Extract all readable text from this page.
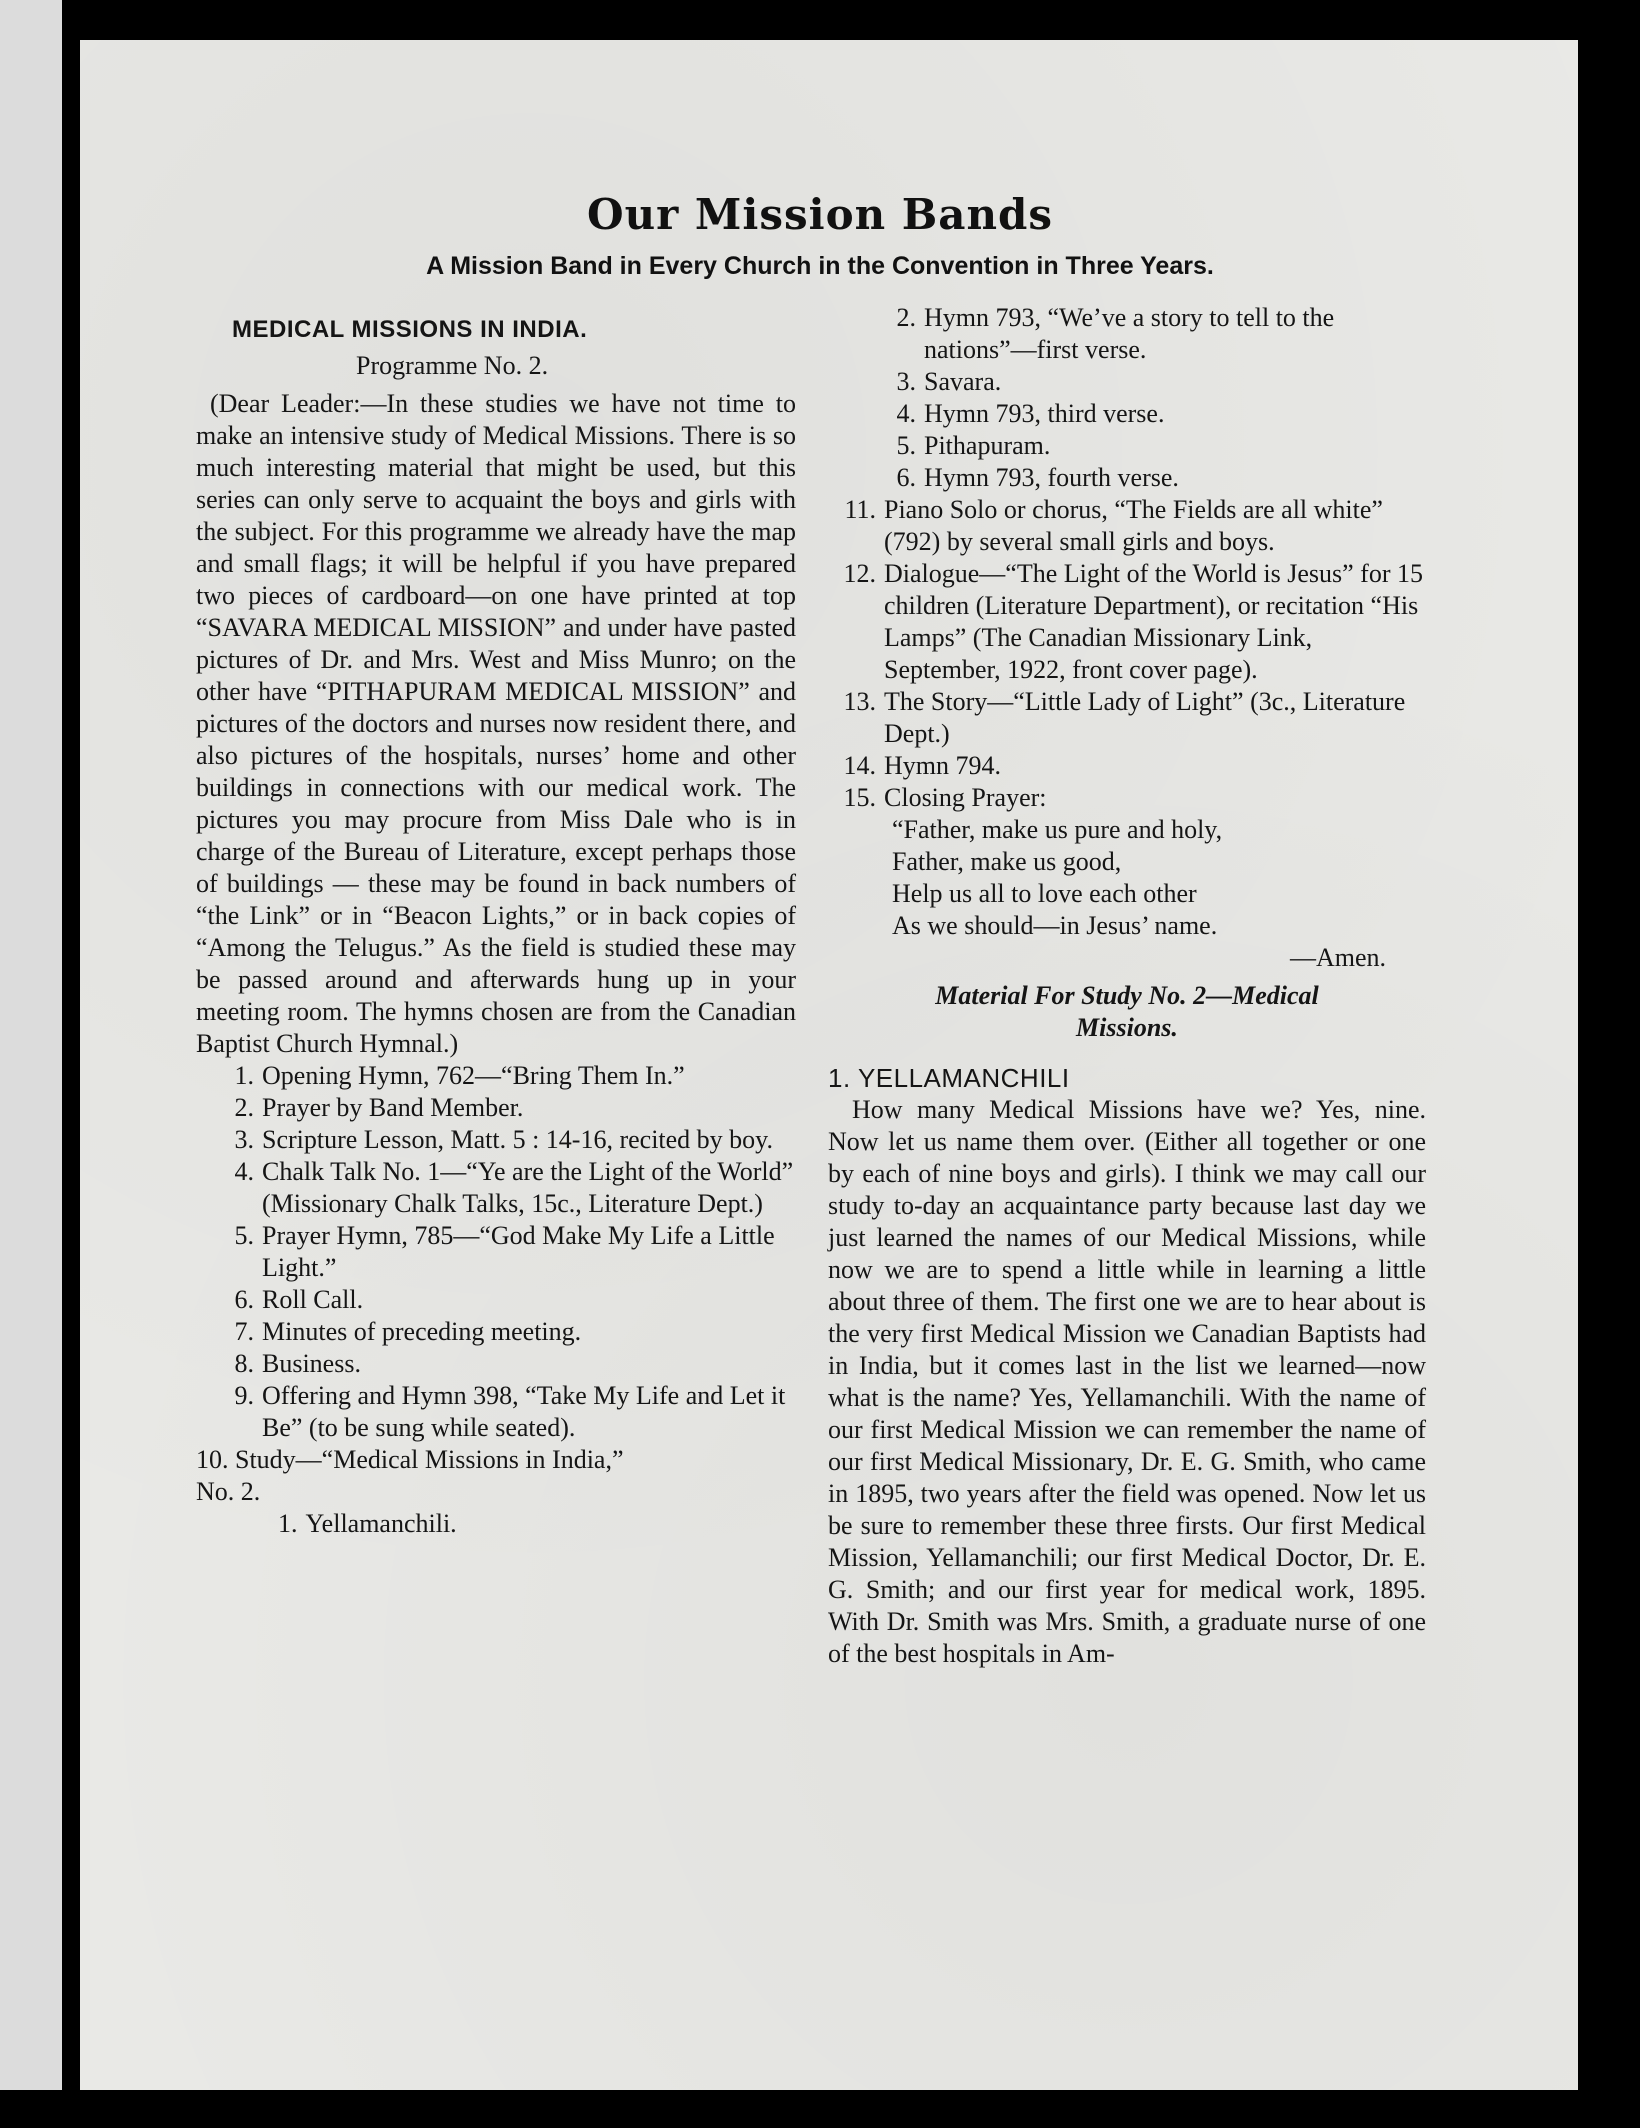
Our Mission Bands
A Mission Band in Every Church in the Convention in Three Years.

MEDICAL MISSIONS IN INDIA.

Programme No. 2.

(Dear Leader:—In these studies we have not time to make an intensive study of Medical Missions. There is so much interesting material that might be used, but this series can only serve to acquaint the boys and girls with the subject. For this programme we already have the map and small flags; it will be helpful if you have prepared two pieces of cardboard—on one have printed at top “SAVARA MEDICAL MISSION” and under have pasted pictures of Dr. and Mrs. West and Miss Munro; on the other have “PITHAPURAM MEDICAL MISSION” and pictures of the doctors and nurses now resident there, and also pictures of the hospitals, nurses’ home and other buildings in connections with our medical work. The pictures you may procure from Miss Dale who is in charge of the Bureau of Literature, except perhaps those of buildings — these may be found in back numbers of “the Link” or in “Beacon Lights,” or in back copies of “Among the Telugus.” As the field is studied these may be passed around and afterwards hung up in your meeting room. The hymns chosen are from the Canadian Baptist Church Hymnal.)

1. Opening Hymn, 762—“Bring Them In.”
2. Prayer by Band Member.
3. Scripture Lesson, Matt. 5 : 14-16, recited by boy.
4. Chalk Talk No. 1—“Ye are the Light of the World” (Missionary Chalk Talks, 15c., Literature Dept.)
5. Prayer Hymn, 785—“God Make My Life a Little Light.”
6. Roll Call.
7. Minutes of preceding meeting.
8. Business.
9. Offering and Hymn 398, “Take My Life and Let it Be” (to be sung while seated).

10. Study—“Medical Missions in India,”

No. 2.

1. Yellamanchili.
2. Hymn 793, “We’ve a story to tell to the nations”—first verse.
3. Savara.
4. Hymn 793, third verse.
5. Pithapuram.
6. Hymn 793, fourth verse.
11. Piano Solo or chorus, “The Fields are all white” (792) by several small girls and boys.
12. Dialogue—“The Light of the World is Jesus” for 15 children (Literature Department), or recitation “His Lamps” (The Canadian Missionary Link, September, 1922, front cover page).
13. The Story—“Little Lady of Light” (3c., Literature Dept.)
14. Hymn 794.
15. Closing Prayer:

“Father, make us pure and holy,

Father, make us good,

Help us all to love each other

As we should—in Jesus’ name.

—Amen.

Material For Study No. 2—Medical

Missions.

1. YELLAMANCHILI

How many Medical Missions have we? Yes, nine. Now let us name them over. (Either all together or one by each of nine boys and girls). I think we may call our study to-day an acquaintance party because last day we just learned the names of our Medical Missions, while now we are to spend a little while in learning a little about three of them. The first one we are to hear about is the very first Medical Mission we Canadian Baptists had in India, but it comes last in the list we learned—now what is the name? Yes, Yellamanchili. With the name of our first Medical Mission we can remember the name of our first Medical Missionary, Dr. E. G. Smith, who came in 1895, two years after the field was opened. Now let us be sure to remember these three firsts. Our first Medical Mission, Yellamanchili; our first Medical Doctor, Dr. E. G. Smith; and our first year for medical work, 1895. With Dr. Smith was Mrs. Smith, a graduate nurse of one of the best hospitals in Am-
